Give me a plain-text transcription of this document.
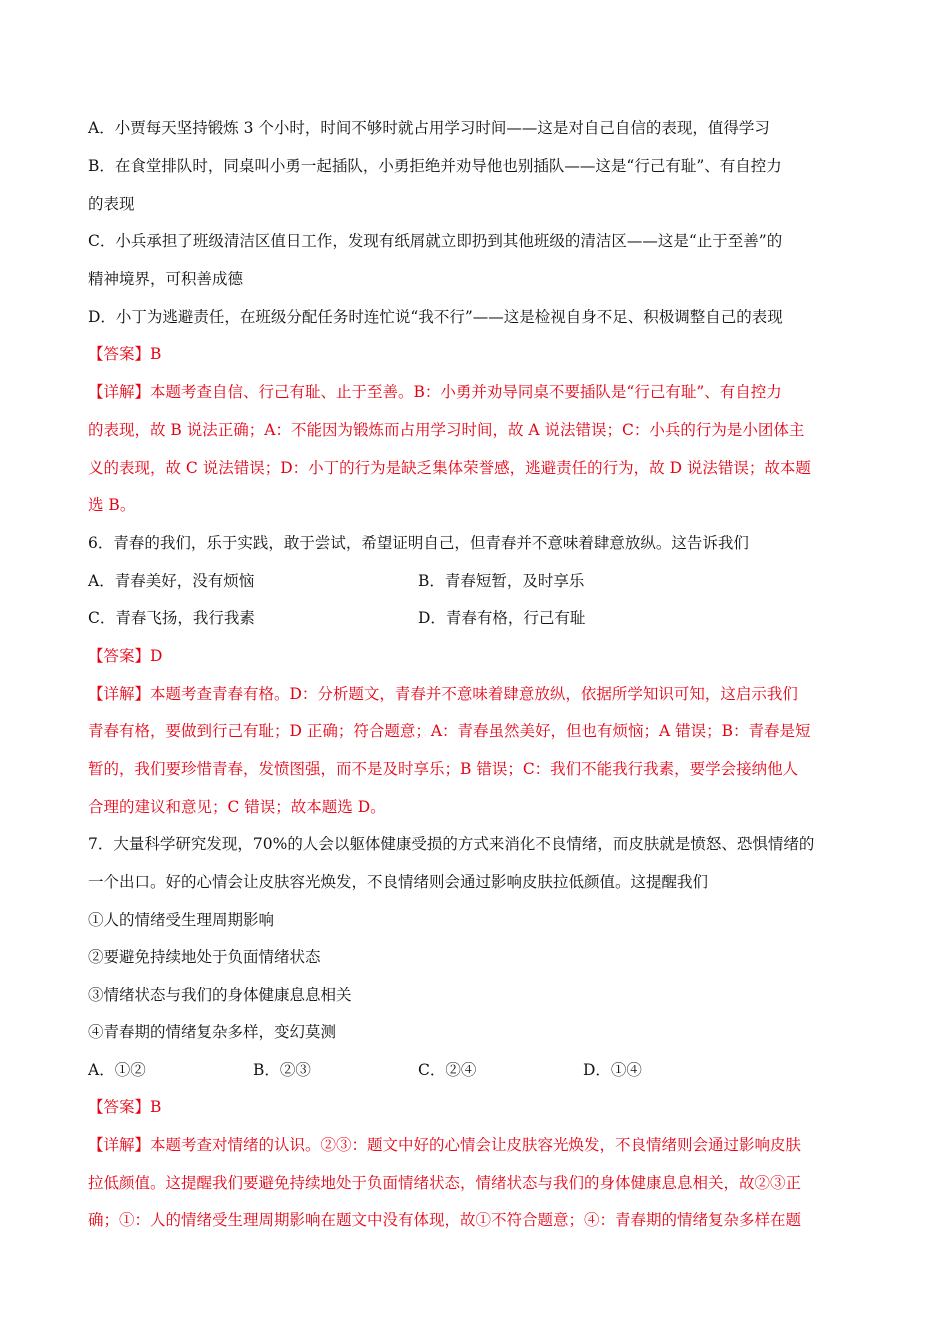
A．小贾每天坚持锻炼 3 个小时，时间不够时就占用学习时间——这是对自己自信的表现，值得学习
B．在食堂排队时，同桌叫小勇一起插队，小勇拒绝并劝导他也别插队——这是“行己有耻”、有自控力
的表现
C．小兵承担了班级清洁区值日工作，发现有纸屑就立即扔到其他班级的清洁区——这是“止于至善”的
精神境界，可积善成德
D．小丁为逃避责任，在班级分配任务时连忙说“我不行”——这是检视自身不足、积极调整自己的表现
【答案】B
【详解】本题考查自信、行己有耻、止于至善。B：小勇并劝导同桌不要插队是“行己有耻”、有自控力
的表现，故 B 说法正确；A：不能因为锻炼而占用学习时间，故 A 说法错误；C：小兵的行为是小团体主
义的表现，故 C 说法错误；D：小丁的行为是缺乏集体荣誉感，逃避责任的行为，故 D 说法错误；故本题
选 B。
6．青春的我们，乐于实践，敢于尝试，希望证明自己，但青春并不意味着肆意放纵。这告诉我们
A．青春美好，没有烦恼	B．青春短暂，及时享乐
C．青春飞扬，我行我素	D．青春有格，行己有耻
【答案】D
【详解】本题考查青春有格。D：分析题文，青春并不意味着肆意放纵，依据所学知识可知，这启示我们
青春有格，要做到行己有耻；D 正确；符合题意；A：青春虽然美好，但也有烦恼；A 错误；B：青春是短
暂的，我们要珍惜青春，发愤图强，而不是及时享乐；B 错误；C：我们不能我行我素，要学会接纳他人
合理的建议和意见；C 错误；故本题选 D。
7．大量科学研究发现，70%的人会以躯体健康受损的方式来消化不良情绪，而皮肤就是愤怒、恐惧情绪的
一个出口。好的心情会让皮肤容光焕发，不良情绪则会通过影响皮肤拉低颜值。这提醒我们
①人的情绪受生理周期影响
②要避免持续地处于负面情绪状态
③情绪状态与我们的身体健康息息相关
④青春期的情绪复杂多样，变幻莫测
A．①②	B．②③	C．②④	D．①④
【答案】B
【详解】本题考查对情绪的认识。②③：题文中好的心情会让皮肤容光焕发，不良情绪则会通过影响皮肤
拉低颜值。这提醒我们要避免持续地处于负面情绪状态，情绪状态与我们的身体健康息息相关，故②③正
确；①：人的情绪受生理周期影响在题文中没有体现，故①不符合题意；④：青春期的情绪复杂多样在题
